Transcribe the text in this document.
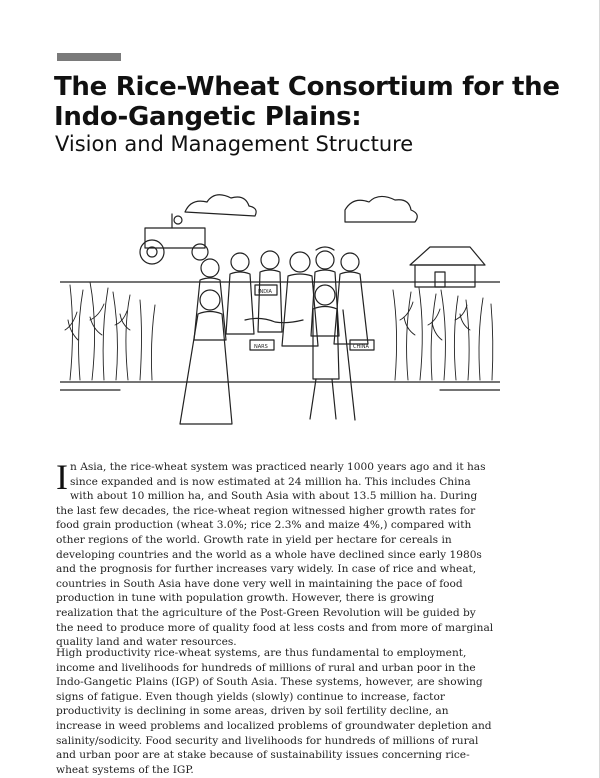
The Rice-Wheat Consortium for the Indo-Gangetic Plains:
Vision and Management Structure
INDIA
NARS	CHINA

In Asia, the rice-wheat system was practiced nearly 1000 years ago and it has since expanded and is now estimated at 24 million ha. This includes China with about 10 million ha, and South Asia with about 13.5 million ha. During the last few decades, the rice-wheat region witnessed higher growth rates for food grain production (wheat 3.0%; rice 2.3% and maize 4%,) compared with other regions of the world. Growth rate in yield per hectare for cereals in developing countries and the world as a whole have declined since early 1980s and the prognosis for further increases vary widely. In case of rice and wheat, countries in South Asia have done very well in maintaining the pace of food production in tune with population growth. However, there is growing realization that the agriculture of the Post-Green Revolution will be guided by the need to produce more of quality food at less costs and from more of marginal quality land and water resources.

High productivity rice-wheat systems, are thus fundamental to employment, income and livelihoods for hundreds of millions of rural and urban poor in the Indo-Gangetic Plains (IGP) of South Asia. These systems, however, are showing signs of fatigue. Even though yields (slowly) continue to increase, factor productivity is declining in some areas, driven by soil fertility decline, an increase in weed problems and localized problems of groundwater depletion and salinity/sodicity. Food security and livelihoods for hundreds of millions of rural and urban poor are at stake because of sustainability issues concerning rice-wheat systems of the IGP.
